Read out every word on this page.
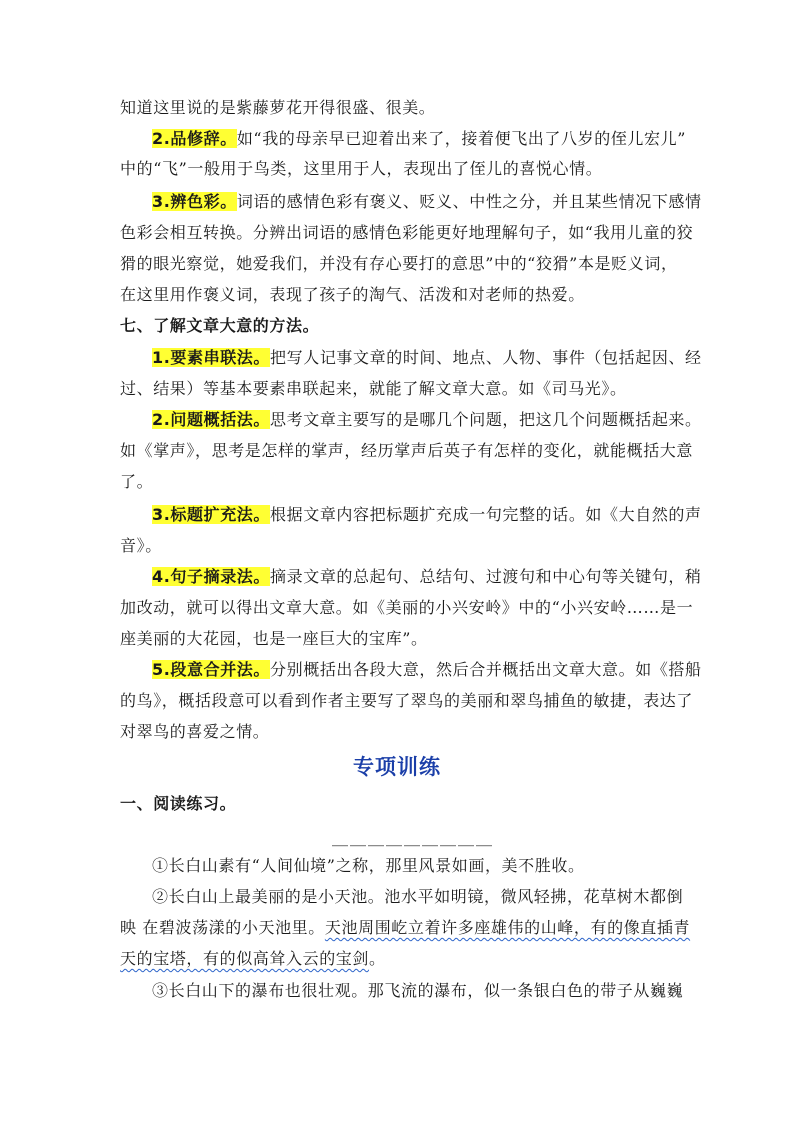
知道这里说的是紫藤萝花开得很盛、很美。
2.品修辞。如“我的母亲早已迎着出来了，接着便飞出了八岁的侄儿宏儿”
中的“飞”一般用于鸟类，这里用于人，表现出了侄儿的喜悦心情。
3.辨色彩。词语的感情色彩有褒义、贬义、中性之分，并且某些情况下感情
色彩会相互转换。分辨出词语的感情色彩能更好地理解句子，如“我用儿童的狡
猾的眼光察觉，她爱我们，并没有存心要打的意思”中的“狡猾”本是贬义词，
在这里用作褒义词，表现了孩子的淘气、活泼和对老师的热爱。
七、了解文章大意的方法。
1.要素串联法。把写人记事文章的时间、地点、人物、事件（包括起因、经
过、结果）等基本要素串联起来，就能了解文章大意。如《司马光》。
2.问题概括法。思考文章主要写的是哪几个问题，把这几个问题概括起来。
如《掌声》，思考是怎样的掌声，经历掌声后英子有怎样的变化，就能概括大意
了。
3.标题扩充法。根据文章内容把标题扩充成一句完整的话。如《大自然的声
音》。
4.句子摘录法。摘录文章的总起句、总结句、过渡句和中心句等关键句，稍
加改动，就可以得出文章大意。如《美丽的小兴安岭》中的“小兴安岭……是一
座美丽的大花园，也是一座巨大的宝库”。
5.段意合并法。分别概括出各段大意，然后合并概括出文章大意。如《搭船
的鸟》，概括段意可以看到作者主要写了翠鸟的美丽和翠鸟捕鱼的敏捷，表达了
对翠鸟的喜爱之情。
专项训练
一、阅读练习。
＿＿＿＿＿＿＿＿＿
①长白山素有“人间仙境”之称，那里风景如画，美不胜收。
②长白山上最美丽的是小天池。池水平如明镜，微风轻拂，花草树木都倒
映 在碧波荡漾的小天池里。天池周围屹立着许多座雄伟的山峰，有的像直插青
天的宝塔，有的似高耸入云的宝剑。
③长白山下的瀑布也很壮观。那飞流的瀑布，似一条银白色的带子从巍巍
